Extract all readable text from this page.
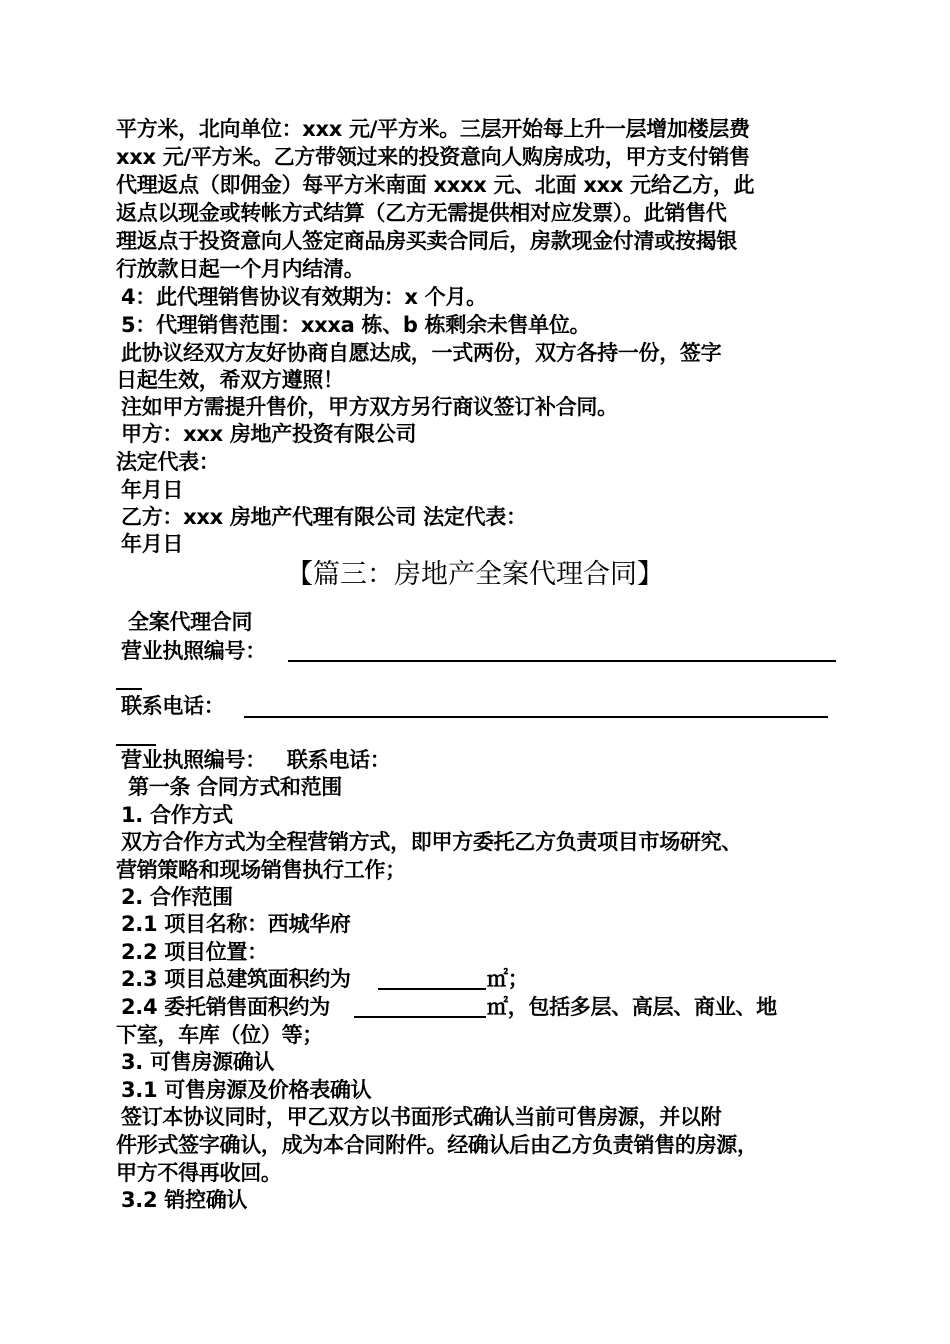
平方米，北向单位：xxx 元/平方米。三层开始每上升一层增加楼层费
xxx 元/平方米。乙方带领过来的投资意向人购房成功，甲方支付销售
代理返点（即佣金）每平方米南面 xxxx 元、北面 xxx 元给乙方，此
返点以现金或转帐方式结算（乙方无需提供相对应发票）。此销售代
理返点于投资意向人签定商品房买卖合同后，房款现金付清或按揭银
行放款日起一个月内结清。
4：此代理销售协议有效期为：x 个月。
5：代理销售范围：xxxa 栋、b 栋剩余未售单位。
此协议经双方友好协商自愿达成，一式两份，双方各持一份，签字
日起生效，希双方遵照！
注如甲方需提升售价，甲方双方另行商议签订补合同。
甲方：xxx 房地产投资有限公司
法定代表：
年月日
乙方：xxx 房地产代理有限公司 法定代表：
年月日
【篇三：房地产全案代理合同】
全案代理合同
营业执照编号：
联系电话：
营业执照编号：   联系电话：
第一条 合同方式和范围
1. 合作方式
双方合作方式为全程营销方式，即甲方委托乙方负责项目市场研究、
营销策略和现场销售执行工作；
2. 合作范围
2.1 项目名称：西城华府
2.2 项目位置：
2.3 项目总建筑面积约为	㎡；
2.4 委托销售面积约为	㎡，包括多层、高层、商业、地
下室，车库（位）等；
3. 可售房源确认
3.1 可售房源及价格表确认
签订本协议同时，甲乙双方以书面形式确认当前可售房源，并以附
件形式签字确认，成为本合同附件。经确认后由乙方负责销售的房源，
甲方不得再收回。
3.2 销控确认
